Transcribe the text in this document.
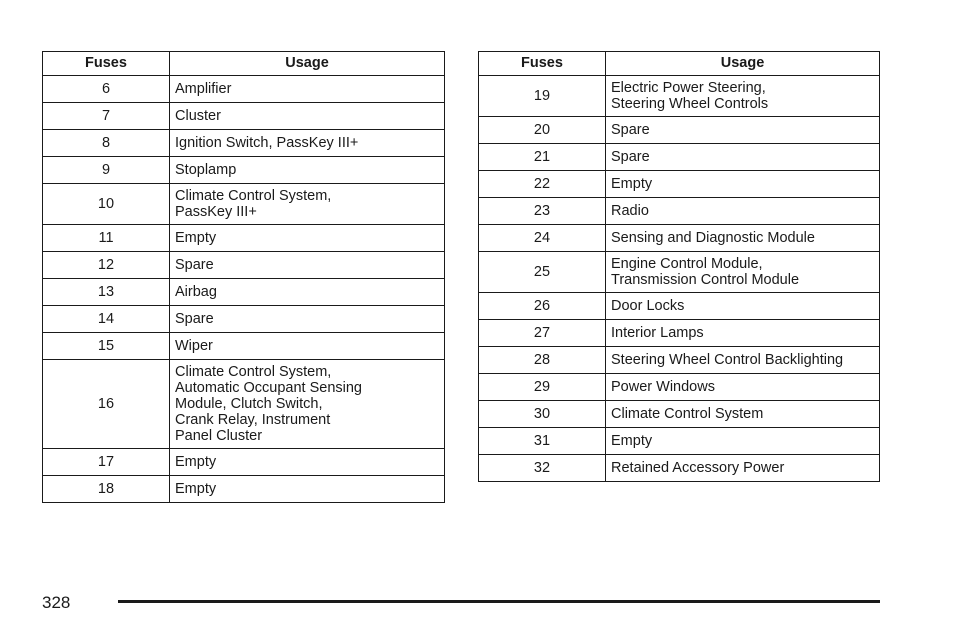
Fuses	Usage
6	Amplifier
7	Cluster
8	Ignition Switch, PassKey III+
9	Stoplamp
10	Climate Control System,
PassKey III+
11	Empty
12	Spare
13	Airbag
14	Spare
15	Wiper
16	Climate Control System,
Automatic Occupant Sensing
Module, Clutch Switch,
Crank Relay, Instrument
Panel Cluster
17	Empty
18	Empty
Fuses	Usage
19	Electric Power Steering,
Steering Wheel Controls
20	Spare
21	Spare
22	Empty
23	Radio
24	Sensing and Diagnostic Module
25	Engine Control Module,
Transmission Control Module
26	Door Locks
27	Interior Lamps
28	Steering Wheel Control Backlighting
29	Power Windows
30	Climate Control System
31	Empty
32	Retained Accessory Power
328
